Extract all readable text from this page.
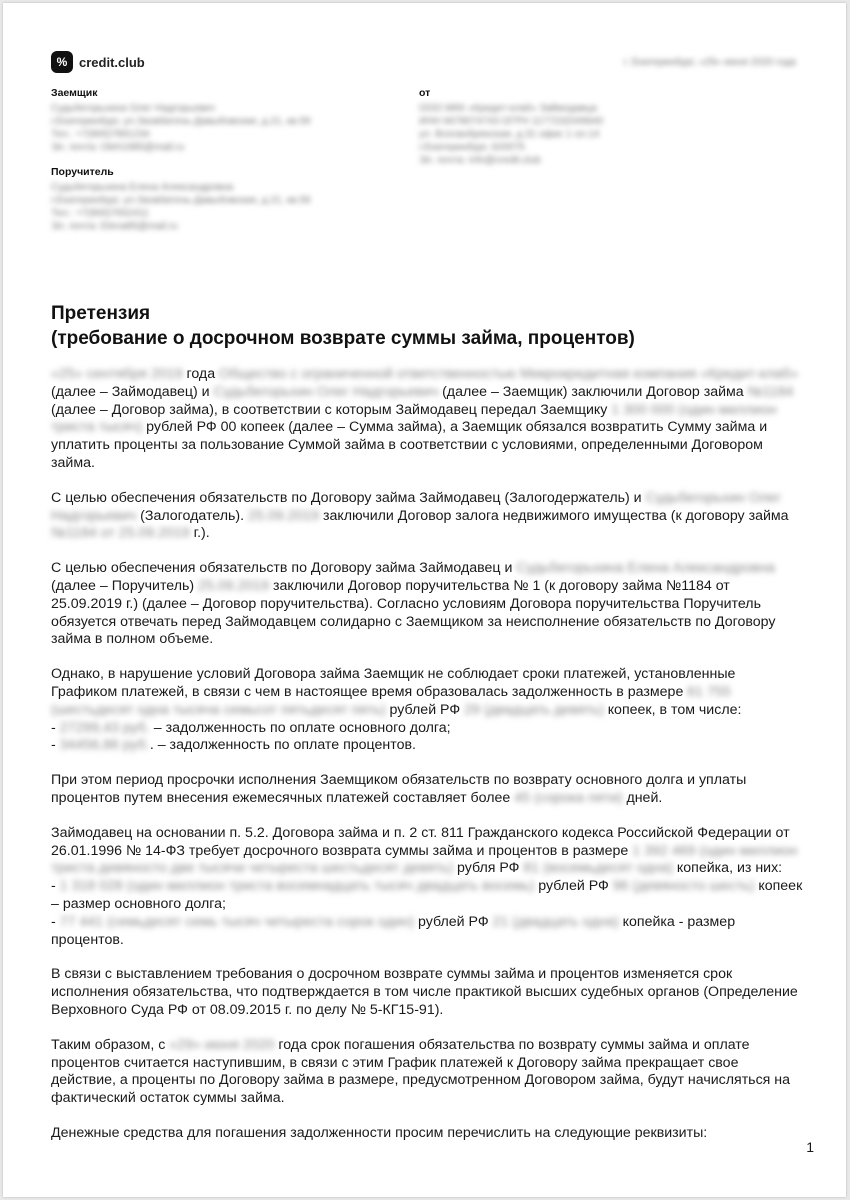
% credit.club	г. Екатеринбург, «29» июня 2020 года
Заемщик
Судьбегорьхина Олег Надгорьевич
г.Екатеринбург, ул.Заовбатень-Давыбовская, д.21, кв.59
Тел.: +7(900)7891234
Эл. почта: Oleh1985@mail.ru
от
ООО МКК «Кредит-клаб» Займодавца
ИНН 6678074743 ОГРН 1177232049940
ул. Всесвобрянская, д.31 офис 1 ол.14
г.Екатеринбург, 620075
Эл. почта: info@credit.club
Поручитель
Судьбегорьхина Елена Александровна
г.Екатеринбург, ул.Заовбатень-Давыбовская, д.21, кв.59
Тел.: +7(900)7652411
Эл. почта: Elena85@mail.ru
Претензия
(требование о досрочном возврате суммы займа, процентов)

«25» сентября 2019 года Общество с ограниченной ответственностью Микрокредитная компания «Кредит-клаб» (далее – Займодавец) и Судьбегорьхин Олег Надгорьевич (далее – Заемщик) заключили Договор займа №1184 (далее – Договор займа), в соответствии с которым Займодавец передал Заемщику 1 300 000 (один миллион триста тысяч) рублей РФ 00 копеек (далее – Сумма займа), а Заемщик обязался возвратить Сумму займа и уплатить проценты за пользование Суммой займа в соответствии с условиями, определенными Договором займа.

С целью обеспечения обязательств по Договору займа Займодавец (Залогодержатель) и Судьбегорьхин Олег Надгорьевич (Залогодатель). 25.09.2019 заключили Договор залога недвижимого имущества (к договору займа №1184 от 25.09.2019 г.).

С целью обеспечения обязательств по Договору займа Займодавец и Судьбегорьхина Елена Александровна (далее – Поручитель) 25.09.2019 заключили Договор поручительства № 1 (к договору займа №1184 от 25.09.2019 г.) (далее – Договор поручительства). Согласно условиям Договора поручительства Поручитель обязуется отвечать перед Займодавцем солидарно с Заемщиком за неисполнение обязательств по Договору займа в полном объеме.

Однако, в нарушение условий Договора займа Заемщик не соблюдает сроки платежей, установленные Графиком платежей, в связи с чем в настоящее время образовалась задолженность в размере 61 755 (шестьдесят одна тысяча семьсот пятьдесят пять) рублей РФ 29 (двадцать девять) копеек, в том числе:
- 27299,43 руб. – задолженность по оплате основного долга;
- 34456,86 руб.. – задолженность по оплате процентов.

При этом период просрочки исполнения Заемщиком обязательств по возврату основного долга и уплаты процентов путем внесения ежемесячных платежей составляет более 45 (сорока пяти) дней.

Займодавец на основании п. 5.2. Договора займа и п. 2 ст. 811 Гражданского кодекса Российской Федерации от 26.01.1996 № 14-ФЗ требует досрочного возврата суммы займа и процентов в размере 1 392 469 (один миллион триста девяносто две тысячи четыреста шестьдесят девять) рубля РФ 81 (восемьдесят одна) копейка, из них:
- 1 318 028 (один миллион триста восемнадцать тысяч двадцать восемь) рублей РФ 96 (девяносто шесть) копеек – размер основного долга;
- 77 441 (семьдесят семь тысяч четыреста сорок один) рублей РФ 21 (двадцать одна) копейка - размер процентов.

В связи с выставлением требования о досрочном возврате суммы займа и процентов изменяется срок исполнения обязательства, что подтверждается в том числе практикой высших судебных органов (Определение Верховного Суда РФ от 08.09.2015 г. по делу № 5-КГ15-91).

Таким образом, с «29» июня 2020 года срок погашения обязательства по возврату суммы займа и оплате процентов считается наступившим, в связи с этим График платежей к Договору займа прекращает свое действие, а проценты по Договору займа в размере, предусмотренном Договором займа, будут начисляться на фактический остаток суммы займа.

Денежные средства для погашения задолженности просим перечислить на следующие реквизиты:

1
